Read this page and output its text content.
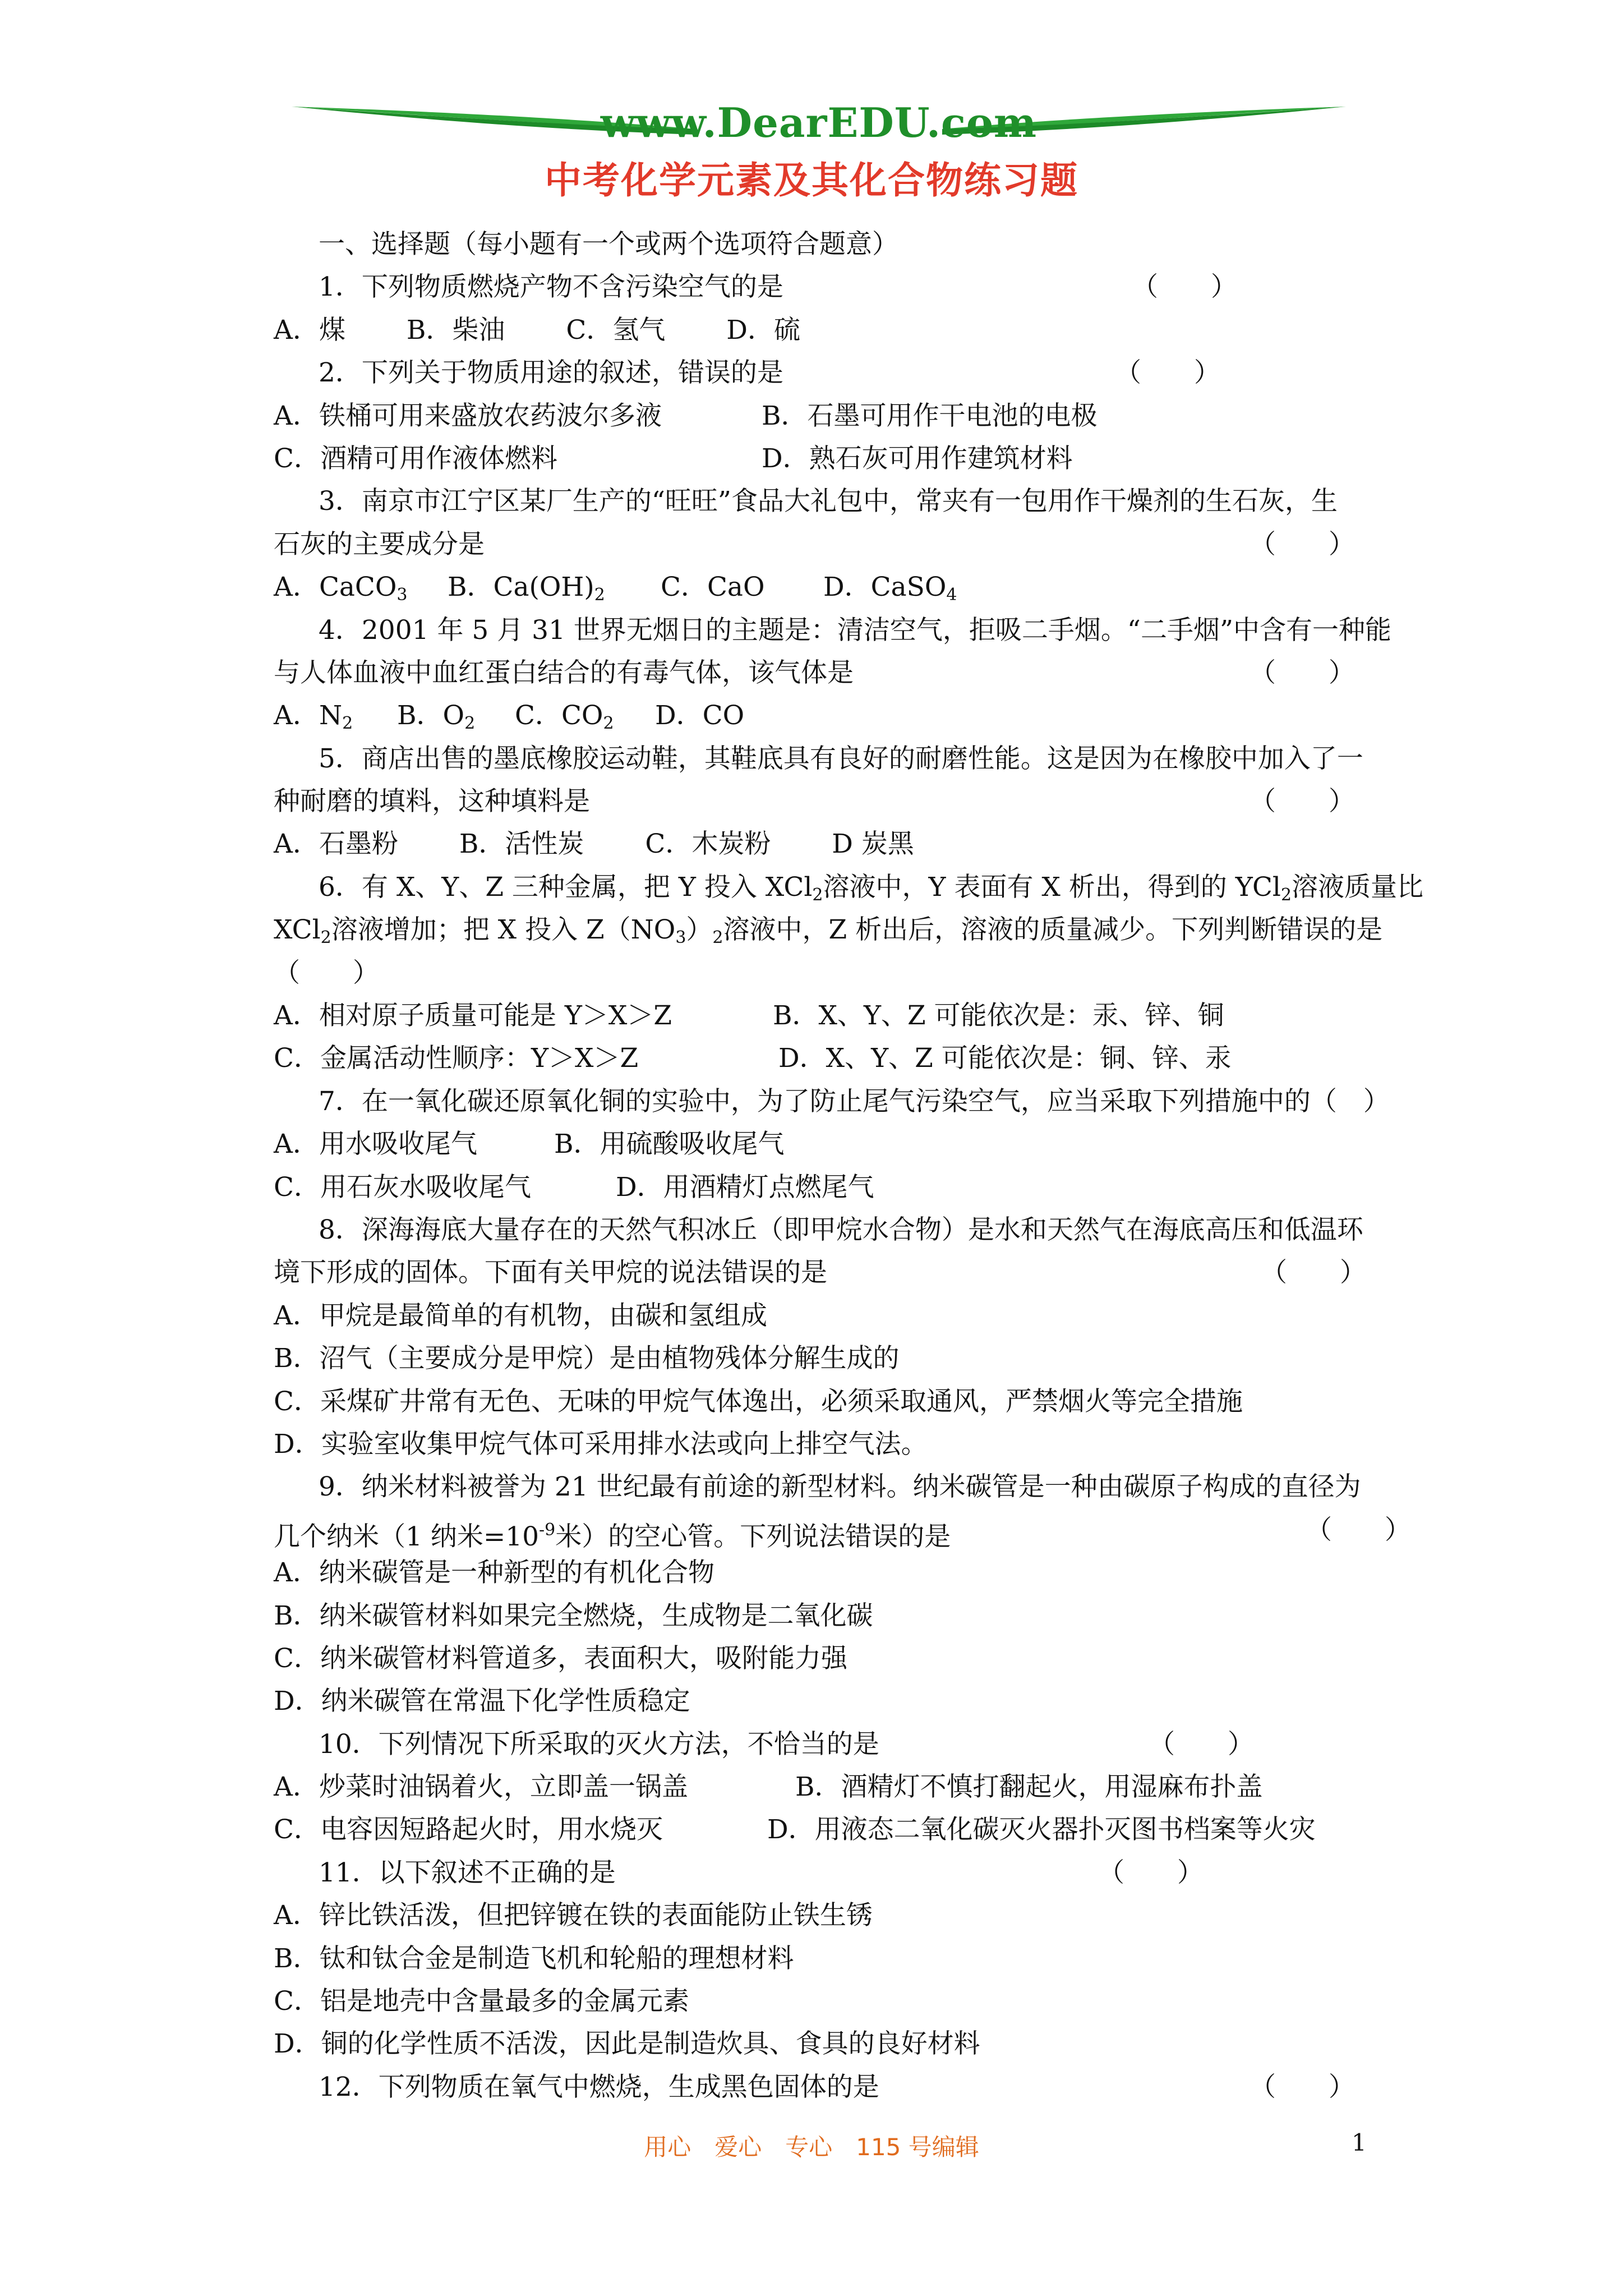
www.DearEDU.com
中考化学元素及其化合物练习题
一、选择题（每小题有一个或两个选项符合题意）
1．下列物质燃烧产物不含污染空气的是	（　　）
A．煤　　 B．柴油　　 C．氢气　　 D．硫
2．下列关于物质用途的叙述，错误的是	（　　）
A．铁桶可用来盛放农药波尔多液	B．石墨可用作干电池的电极
C．酒精可用作液体燃料	D．熟石灰可用作建筑材料
3．南京市江宁区某厂生产的“旺旺”食品大礼包中，常夹有一包用作干燥剂的生石灰，生
石灰的主要成分是	（　　）
A．CaCO$_3$ B．$Ca(OH)_2$ C．CaO D．CaSO$_4$
4．2001 年 5 月 31 世界无烟日的主题是：清洁空气，拒吸二手烟。“二手烟”中含有一种能
与人体血液中血红蛋白结合的有毒气体，该气体是	（　　）
A．$N_2$ B．$O_2$ C．$CO_2$ D．CO
5．商店出售的墨底橡胶运动鞋，其鞋底具有良好的耐磨性能。这是因为在橡胶中加入了一
种耐磨的填料，这种填料是	（　　）
A．石墨粉　　 B．活性炭　　 C．木炭粉　　 D 炭黑
6．有 X、Y、Z 三种金属，把 Y 投入 XCl$_2$溶液中，Y 表面有 X 析出，得到的 YCl$_2$溶液质量比
XCl$_2$溶液增加；把 X 投入 $Z(NO_3)_2$溶液中，Z 析出后，溶液的质量减少。下列判断错误的是
（　　）
A．相对原子质量可能是 Y＞X＞Z	B．X、Y、Z 可能依次是：汞、锌、铜
C．金属活动性顺序：Y＞X＞Z	D．X、Y、Z 可能依次是：铜、锌、汞
7．在一氧化碳还原氧化铜的实验中，为了防止尾气污染空气，应当采取下列措施中的（　）
A．用水吸收尾气	B．用硫酸吸收尾气
C．用石灰水吸收尾气	D．用酒精灯点燃尾气
8．深海海底大量存在的天然气积冰丘（即甲烷水合物）是水和天然气在海底高压和低温环
境下形成的固体。下面有关甲烷的说法错误的是	（　　）
A．甲烷是最简单的有机物，由碳和氢组成
B．沼气（主要成分是甲烷）是由植物残体分解生成的
C．采煤矿井常有无色、无味的甲烷气体逸出，必须采取通风，严禁烟火等完全措施
D．实验室收集甲烷气体可采用排水法或向上排空气法。
9．纳米材料被誉为 21 世纪最有前途的新型材料。纳米碳管是一种由碳原子构成的直径为
几个纳米（1 纳米$=10^{-9}$米）的空心管。下列说法错误的是	（　　）
A．纳米碳管是一种新型的有机化合物
B．纳米碳管材料如果完全燃烧，生成物是二氧化碳
C．纳米碳管材料管道多，表面积大，吸附能力强
D．纳米碳管在常温下化学性质稳定
10．下列情况下所采取的灭火方法，不恰当的是	（　　）
A．炒菜时油锅着火，立即盖一锅盖	B．酒精灯不慎打翻起火，用湿麻布扑盖
C．电容因短路起火时，用水烧灭	D．用液态二氧化碳灭火器扑灭图书档案等火灾
11．以下叙述不正确的是	（　　）
A．锌比铁活泼，但把锌镀在铁的表面能防止铁生锈
B．钛和钛合金是制造飞机和轮船的理想材料
C．铝是地壳中含量最多的金属元素
D．铜的化学性质不活泼，因此是制造炊具、食具的良好材料
12．下列物质在氧气中燃烧，生成黑色固体的是	（　　）
用心　爱心　专心　115 号编辑	1
